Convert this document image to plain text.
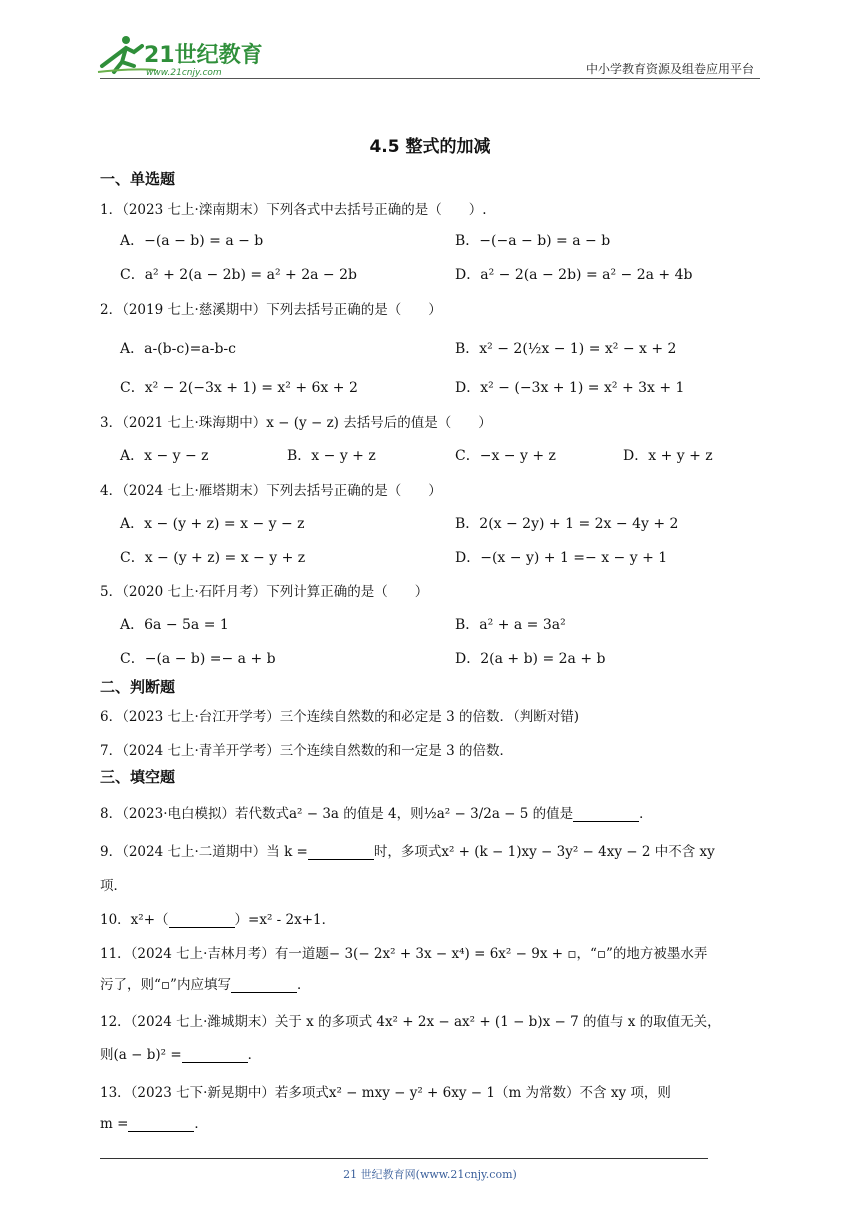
21世纪教育
www.21cnjy.com	中小学教育资源及组卷应用平台
4.5 整式的加减
一、单选题
1．（2023 七上·滦南期末）下列各式中去括号正确的是（　　）.
A．−(a − b) = a − b	B．−(−a − b) = a − b
C．a² + 2(a − 2b) = a² + 2a − 2b	D．a² − 2(a − 2b) = a² − 2a + 4b
2．（2019 七上·慈溪期中）下列去括号正确的是（　　）
A．a-(b-c)=a-b-c	B．x² − 2(½x − 1) = x² − x + 2
C．x² − 2(−3x + 1) = x² + 6x + 2	D．x² − (−3x + 1) = x² + 3x + 1
3．（2021 七上·珠海期中）x − (y − z) 去括号后的值是（　　）
A．x − y − z	B．x − y + z	C．−x − y + z	D．x + y + z
4．（2024 七上·雁塔期末）下列去括号正确的是（　　）
A．x − (y + z) = x − y − z	B．2(x − 2y) + 1 = 2x − 4y + 2
C．x − (y + z) = x − y + z	D．−(x − y) + 1 =− x − y + 1
5．（2020 七上·石阡月考）下列计算正确的是（　　）
A．6a − 5a = 1	B．a² + a = 3a²
C．−(a − b) =− a + b	D．2(a + b) = 2a + b
二、判断题
6．（2023 七上·台江开学考）三个连续自然数的和必定是 3 的倍数．（判断对错)
7．（2024 七上·青羊开学考）三个连续自然数的和一定是 3 的倍数．
三、填空题
8．（2023·电白模拟）若代数式a² − 3a 的值是 4，则½a² − 3/2a − 5 的值是	．
9．（2024 七上·二道期中）当 k =	时，多项式x² + (k − 1)xy − 3y² − 4xy − 2 中不含 xy
项．
10．x²+（	）=x² - 2x+1．
11．（2024 七上·吉林月考）有一道题− 3(− 2x² + 3x − x⁴) = 6x² − 9x + ▫，“▫”的地方被墨水弄
污了，则“▫”内应填写	．
12．（2024 七上·潍城期末）关于 x 的多项式 4x² + 2x − ax² + (1 − b)x − 7 的值与 x 的取值无关，
则(a − b)² =	．
13．（2023 七下·新晃期中）若多项式x² − mxy − y² + 6xy − 1（m 为常数）不含 xy 项，则
m =	．
21 世纪教育网(www.21cnjy.com)
